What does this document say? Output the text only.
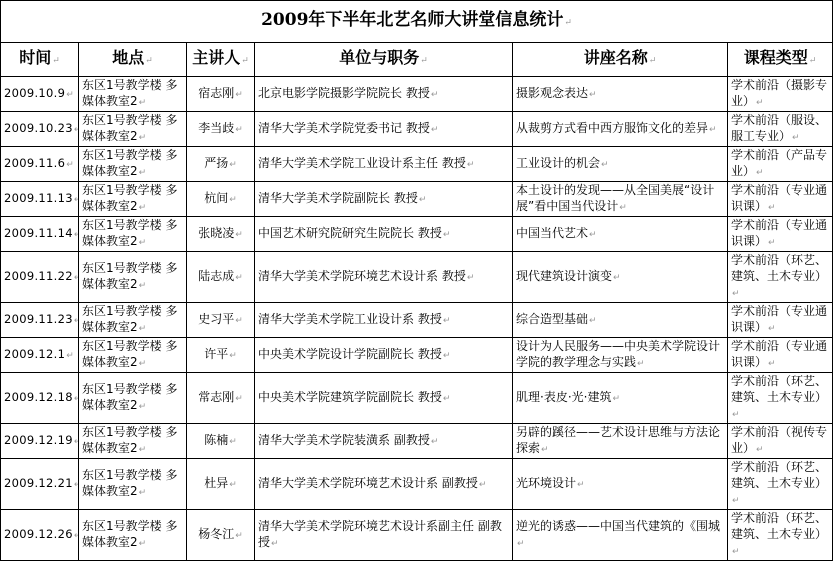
2009年下半年北艺名师大讲堂信息统计 ↵
时间 ↵	地点 ↵	主讲人 ↵	单位与职务 ↵	讲座名称 ↵	课程类型 ↵
2009.10.9 ↵	东区1号教学楼 多媒体教室2 ↵	宿志刚 ↵	北京电影学院摄影学院院长 教授 ↵	摄影观念表达 ↵	学术前沿（摄影专业） ↵
2009.10.23 ↵	东区1号教学楼 多媒体教室2 ↵	李当歧 ↵	清华大学美术学院党委书记 教授 ↵	从裁剪方式看中西方服饰文化的差异 ↵	学术前沿（服设、服工专业） ↵
2009.11.6 ↵	东区1号教学楼 多媒体教室2 ↵	严扬 ↵	清华大学美术学院工业设计系主任 教授 ↵	工业设计的机会 ↵	学术前沿（产品专业） ↵
2009.11.13 ↵	东区1号教学楼 多媒体教室2 ↵	杭间 ↵	清华大学美术学院副院长 教授 ↵	本土设计的发现——从全国美展“设计展”看中国当代设计 ↵	学术前沿（专业通识课） ↵
2009.11.14 ↵	东区1号教学楼 多媒体教室2 ↵	张晓凌 ↵	中国艺术研究院研究生院院长 教授 ↵	中国当代艺术 ↵	学术前沿（专业通识课） ↵
2009.11.22 ↵	东区1号教学楼 多媒体教室2 ↵	陆志成 ↵	清华大学美术学院环境艺术设计系 教授 ↵	现代建筑设计演变 ↵	学术前沿（环艺、建筑、土木专业） ↵
2009.11.23 ↵	东区1号教学楼 多媒体教室2 ↵	史习平 ↵	清华大学美术学院工业设计系 教授 ↵	综合造型基础 ↵	学术前沿（专业通识课） ↵
2009.12.1 ↵	东区1号教学楼 多媒体教室2 ↵	许平 ↵	中央美术学院设计学院副院长 教授 ↵	设计为人民服务——中央美术学院设计学院的教学理念与实践 ↵	学术前沿（专业通识课） ↵
2009.12.18 ↵	东区1号教学楼 多媒体教室2 ↵	常志刚 ↵	中央美术学院建筑学院副院长 教授 ↵	肌理·表皮·光·建筑 ↵	学术前沿（环艺、建筑、土木专业） ↵
2009.12.19 ↵	东区1号教学楼 多媒体教室2 ↵	陈楠 ↵	清华大学美术学院装潢系 副教授 ↵	另辟的蹊径——艺术设计思维与方法论探索 ↵	学术前沿（视传专业） ↵
2009.12.21 ↵	东区1号教学楼 多媒体教室2 ↵	杜异 ↵	清华大学美术学院环境艺术设计系 副教授 ↵	光环境设计 ↵	学术前沿（环艺、建筑、土木专业） ↵
2009.12.26 ↵	东区1号教学楼 多媒体教室2 ↵	杨冬江 ↵	清华大学美术学院环境艺术设计系副主任 副教授 ↵	逆光的诱惑——中国当代建筑的《围城 ↵	学术前沿（环艺、建筑、土木专业） ↵
